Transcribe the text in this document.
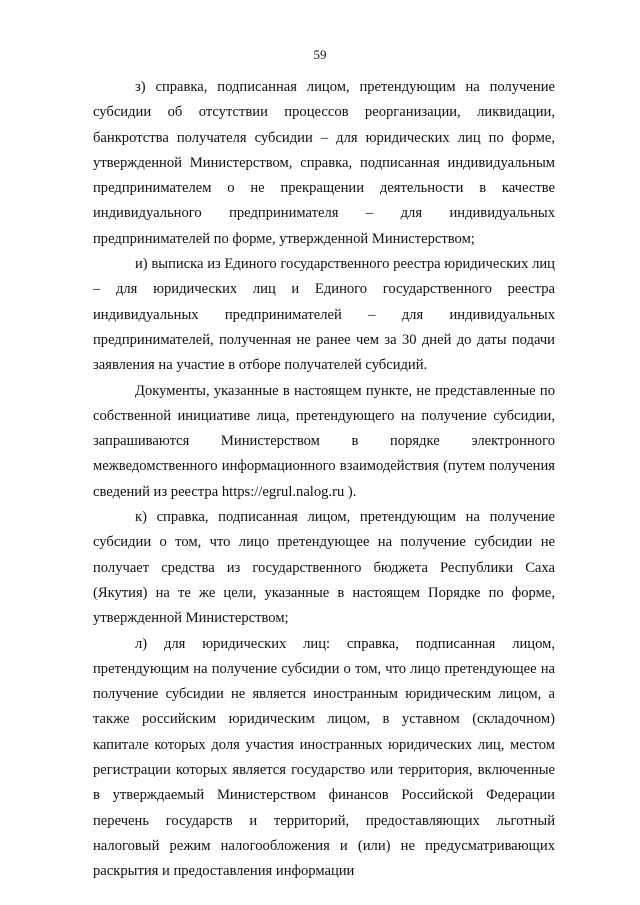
59

з) справка, подписанная лицом, претендующим на получение субсидии об отсутствии процессов реорганизации, ликвидации, банкротства получателя субсидии – для юридических лиц по форме, утвержденной Министерством, справка, подписанная индивидуальным предпринимателем о не прекращении деятельности в качестве индивидуального предпринимателя – для индивидуальных предпринимателей по форме, утвержденной Министерством;

и) выписка из Единого государственного реестра юридических лиц – для юридических лиц и Единого государственного реестра индивидуальных предпринимателей – для индивидуальных предпринимателей, полученная не ранее чем за 30 дней до даты подачи заявления на участие в отборе получателей субсидий.

Документы, указанные в настоящем пункте, не представленные по собственной инициативе лица, претендующего на получение субсидии, запрашиваются Министерством в порядке электронного межведомственного информационного взаимодействия (путем получения сведений из реестра https://egrul.nalog.ru ).

к) справка, подписанная лицом, претендующим на получение субсидии о том, что лицо претендующее на получение субсидии не получает средства из государственного бюджета Республики Саха (Якутия) на те же цели, указанные в настоящем Порядке по форме, утвержденной Министерством;

л) для юридических лиц: справка, подписанная лицом, претендующим на получение субсидии о том, что лицо претендующее на получение субсидии не является иностранным юридическим лицом, а также российским юридическим лицом, в уставном (складочном) капитале которых доля участия иностранных юридических лиц, местом регистрации которых является государство или территория, включенные в утверждаемый Министерством финансов Российской Федерации перечень государств и территорий, предоставляющих льготный налоговый режим налогообложения и (или) не предусматривающих раскрытия и предоставления информации
